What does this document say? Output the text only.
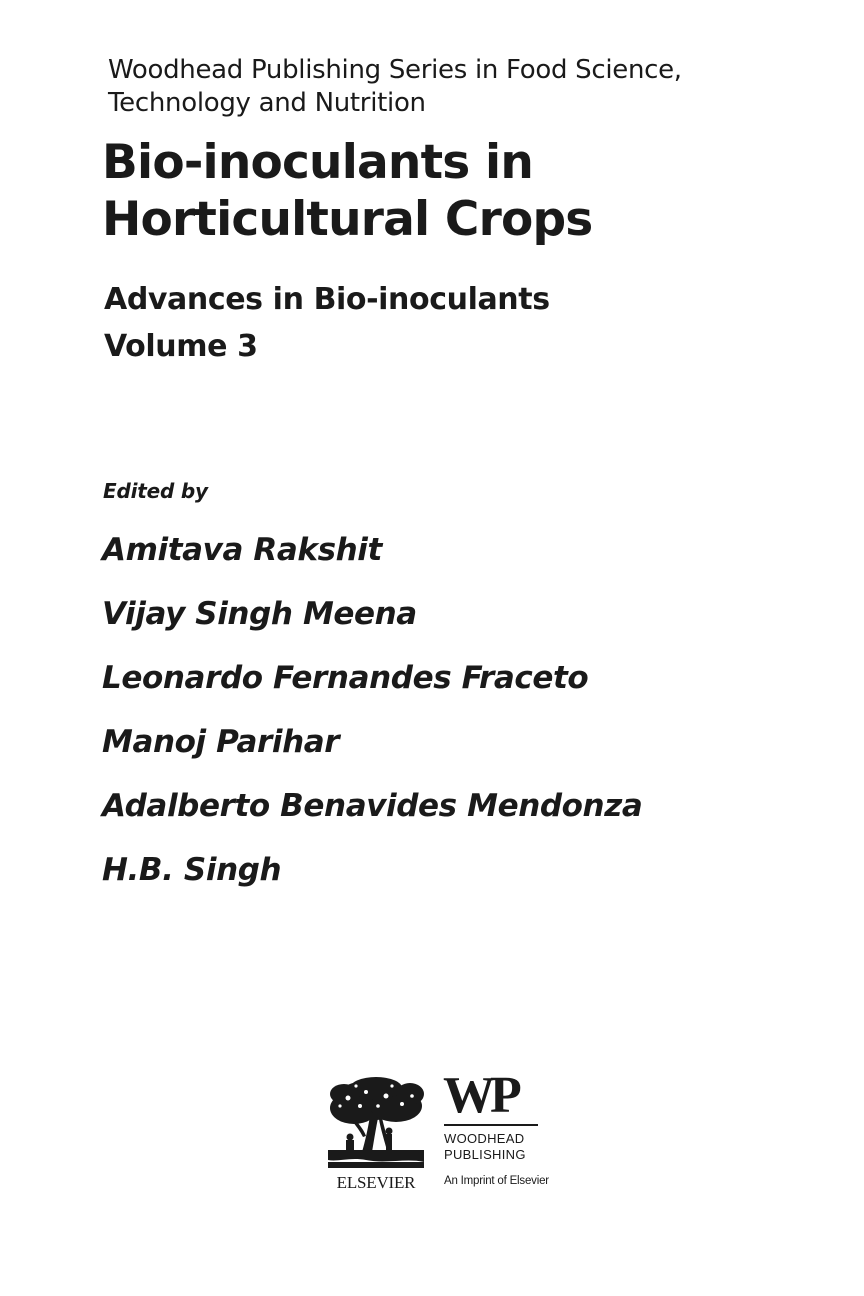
Woodhead Publishing Series in Food Science,
Technology and Nutrition
Bio-inoculants in
Horticultural Crops
Advances in Bio-inoculants
Volume 3
Edited by
Amitava Rakshit
Vijay Singh Meena
Leonardo Fernandes Fraceto
Manoj Parihar
Adalberto Benavides Mendonza
H.B. Singh
ELSEVIER
WP
WOODHEAD
PUBLISHING
An Imprint of Elsevier
